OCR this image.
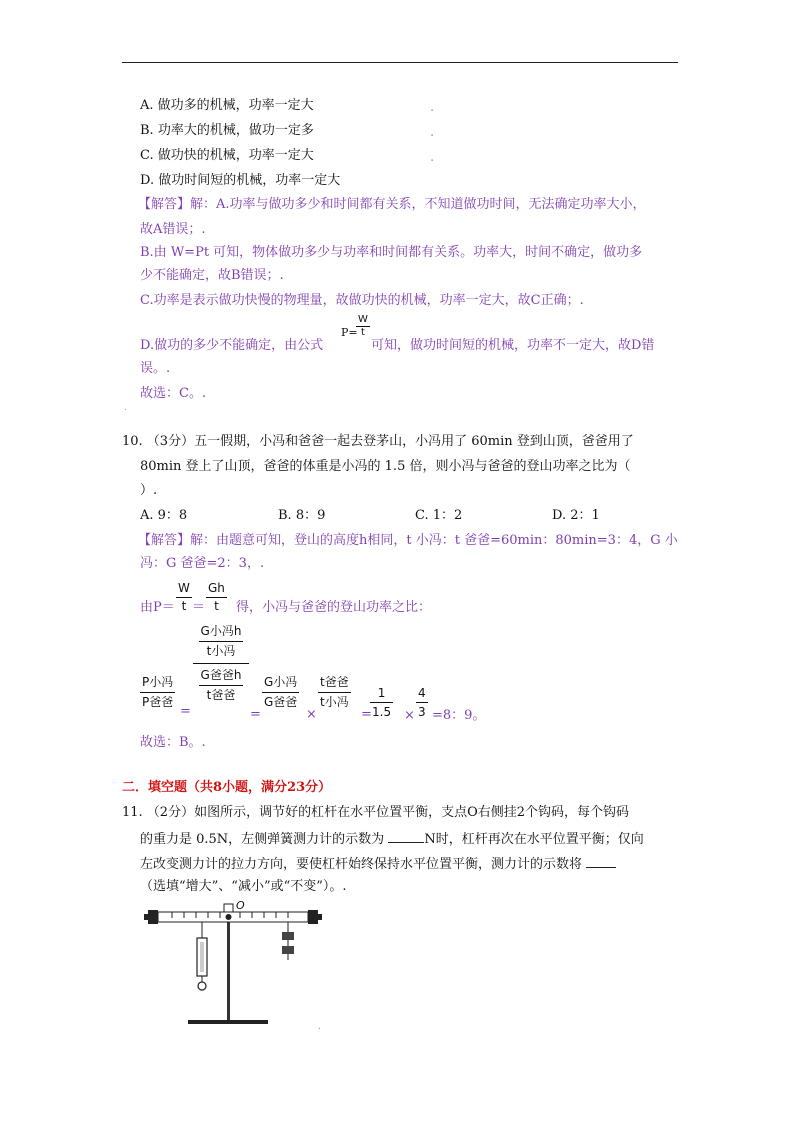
A. 做功多的机械，功率一定大
B. 功率大的机械，做功一定多
C. 做功快的机械，功率一定大
D. 做功时间短的机械，功率一定大
.
.
.
【解答】解：A.功率与做功多少和时间都有关系，不知道做功时间，无法确定功率大小，
故A错误；.
B.由 W=Pt 可知，物体做功多少与功率和时间都有关系。功率大，时间不确定，做功多
少不能确定，故B错误；.
C.功率是表示做功快慢的物理量，故做功快的机械，功率一定大，故C正确；.
D.做功的多少不能确定，由公式
P=
$\frac{W}{t}$
可知，做功时间短的机械，功率不一定大，故D错
误。.
故选：C。.
.
10. （3分）五一假期，小冯和爸爸一起去登茅山，小冯用了 60min 登到山顶，爸爸用了
80min 登上了山顶，爸爸的体重是小冯的 1.5 倍，则小冯与爸爸的登山功率之比为（
）.
A. 9：8	B. 8：9	C. 1：2	D. 2：1
【解答】解：由题意可知，登山的高度h相同，t 小冯：t 爸爸=60min：80min=3：4，G 小
冯：G 爸爸=2：3，.
由$P= \frac{W}{t} = \frac{Gh}{t}$ 得，小冯与爸爸的登山功率之比：
P小冯
P爸爸
=
G小冯h
t小冯
G爸爸h
t爸爸
=
G小冯
G爸爸
×
t爸爸
t小冯
=
$\frac{1}{1.5} \times \frac{4}{3} =8$：9。
故选：B。.
二．填空题（共8小题，满分23分）
11. （2分）如图所示，调节好的杠杆在水平位置平衡，支点O右侧挂2个钩码，每个钩码
的重力是 0.5N，左侧弹簧测力计的示数为	N时，杠杆再次在水平位置平衡；仅向
左改变测力计的拉力方向，要使杠杆始终保持水平位置平衡，测力计的示数将
（选填“增大”、“减小”或“不变”）。.
O
.
